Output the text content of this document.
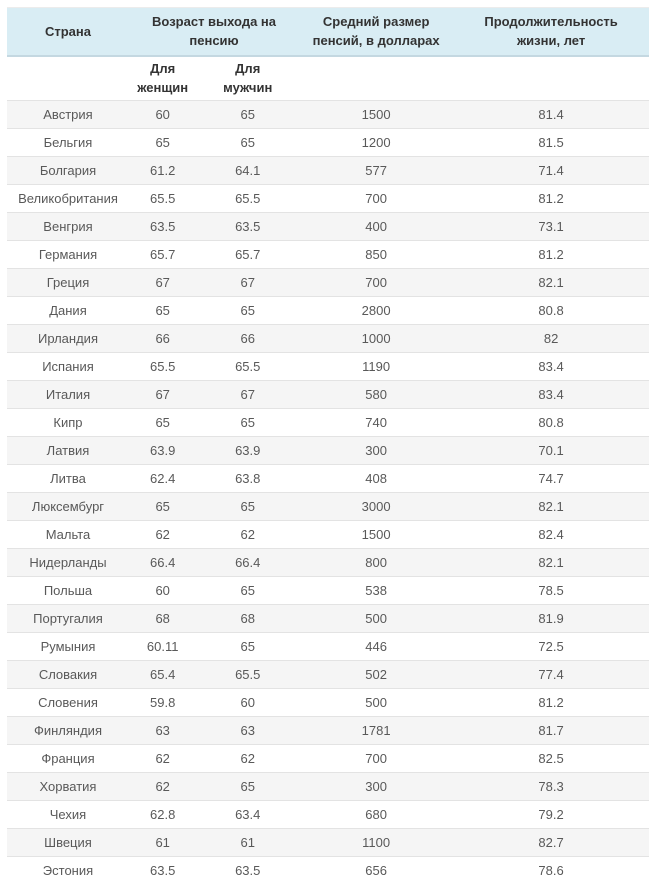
Страна	Возраст выхода на пенсию		Средний размер пенсий, в долларах	Продолжительность жизни, лет
	Для женщин	Для мужчин		
Австрия	60	65	1500	81.4
Бельгия	65	65	1200	81.5
Болгария	61.2	64.1	577	71.4
Великобритания	65.5	65.5	700	81.2
Венгрия	63.5	63.5	400	73.1
Германия	65.7	65.7	850	81.2
Греция	67	67	700	82.1
Дания	65	65	2800	80.8
Ирландия	66	66	1000	82
Испания	65.5	65.5	1190	83.4
Италия	67	67	580	83.4
Кипр	65	65	740	80.8
Латвия	63.9	63.9	300	70.1
Литва	62.4	63.8	408	74.7
Люксембург	65	65	3000	82.1
Мальта	62	62	1500	82.4
Нидерланды	66.4	66.4	800	82.1
Польша	60	65	538	78.5
Португалия	68	68	500	81.9
Румыния	60.11	65	446	72.5
Словакия	65.4	65.5	502	77.4
Словения	59.8	60	500	81.2
Финляндия	63	63	1781	81.7
Франция	62	62	700	82.5
Хорватия	62	65	300	78.3
Чехия	62.8	63.4	680	79.2
Швеция	61	61	1100	82.7
Эстония	63.5	63.5	656	78.6
